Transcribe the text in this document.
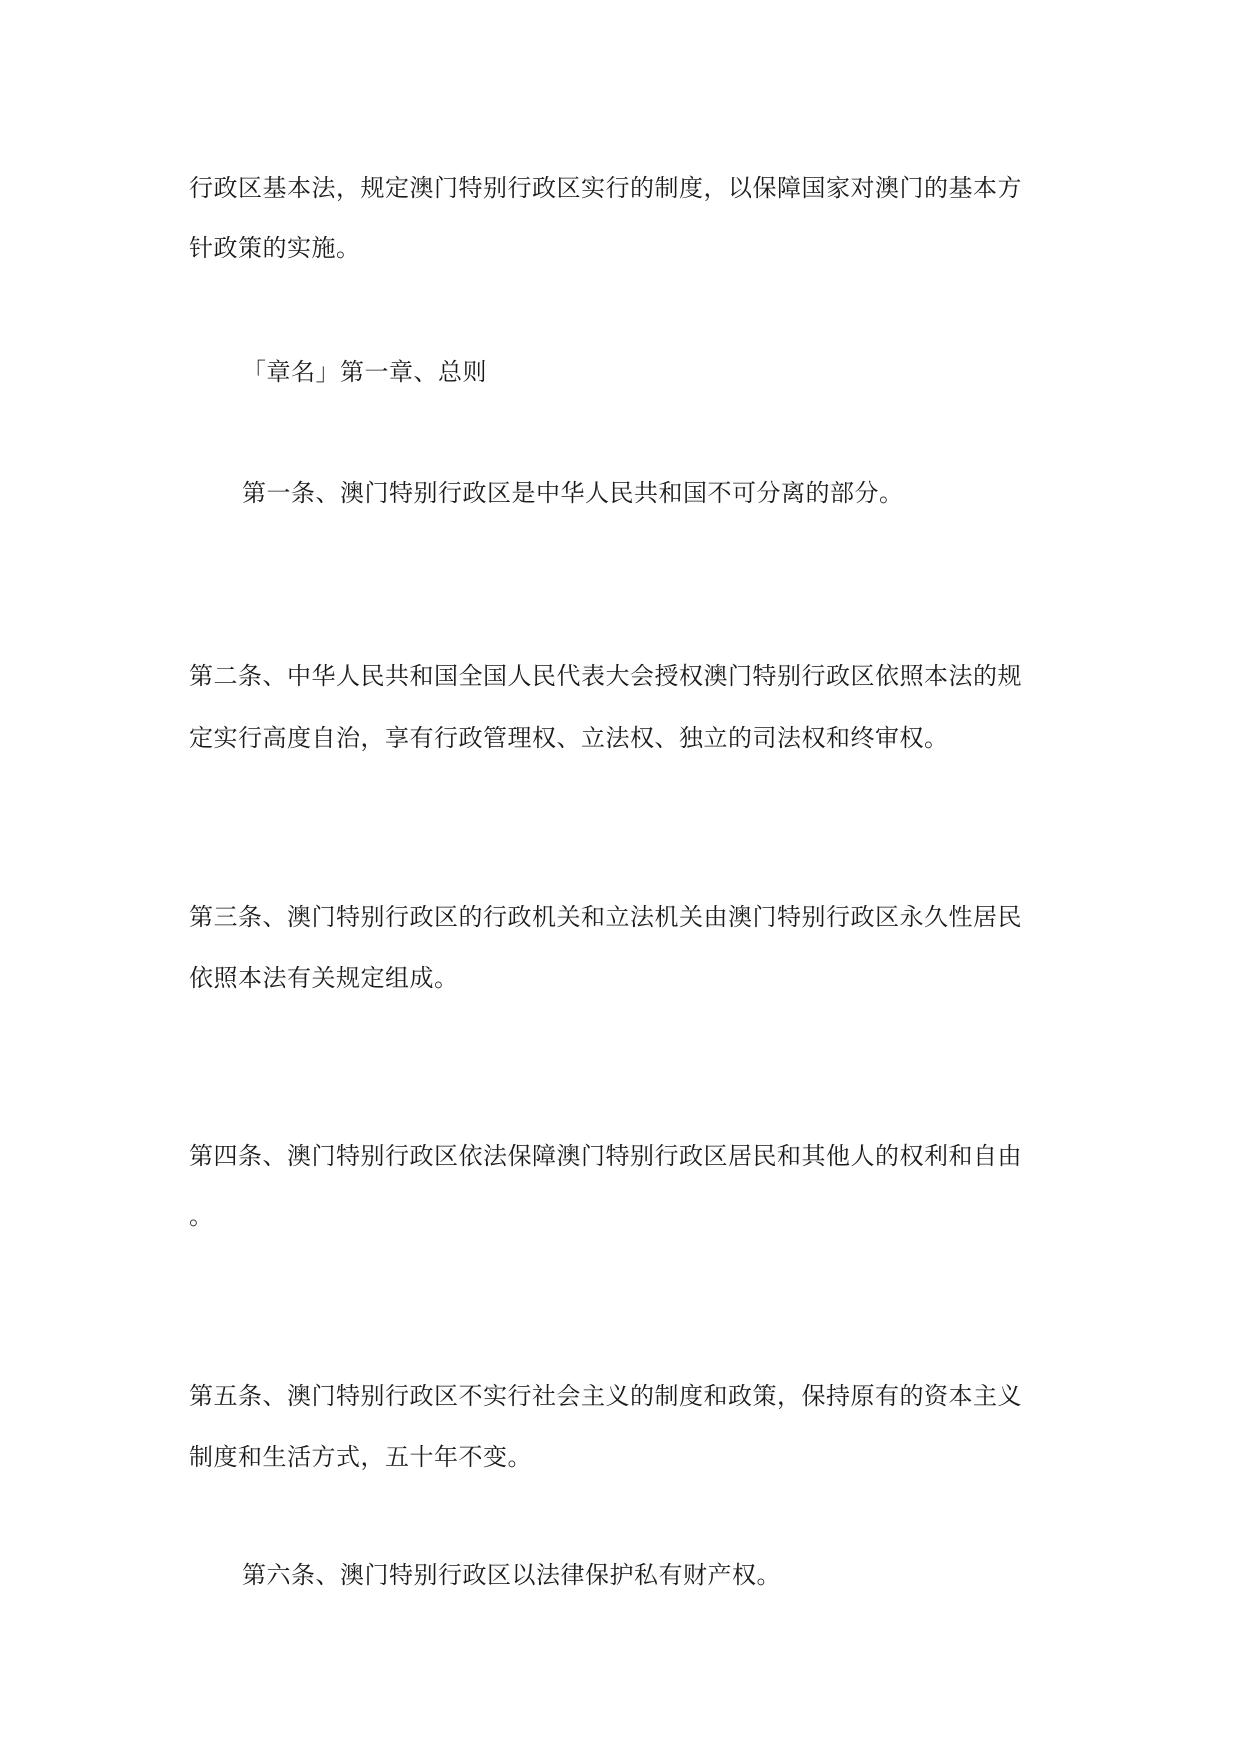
行政区基本法，规定澳门特别行政区实行的制度，以保障国家对澳门的基本方
针政策的实施。
「章名」第一章、总则
第一条、澳门特别行政区是中华人民共和国不可分离的部分。
第二条、中华人民共和国全国人民代表大会授权澳门特别行政区依照本法的规
定实行高度自治，享有行政管理权、立法权、独立的司法权和终审权。
第三条、澳门特别行政区的行政机关和立法机关由澳门特别行政区永久性居民
依照本法有关规定组成。
第四条、澳门特别行政区依法保障澳门特别行政区居民和其他人的权利和自由
。
第五条、澳门特别行政区不实行社会主义的制度和政策，保持原有的资本主义
制度和生活方式，五十年不变。
第六条、澳门特别行政区以法律保护私有财产权。
